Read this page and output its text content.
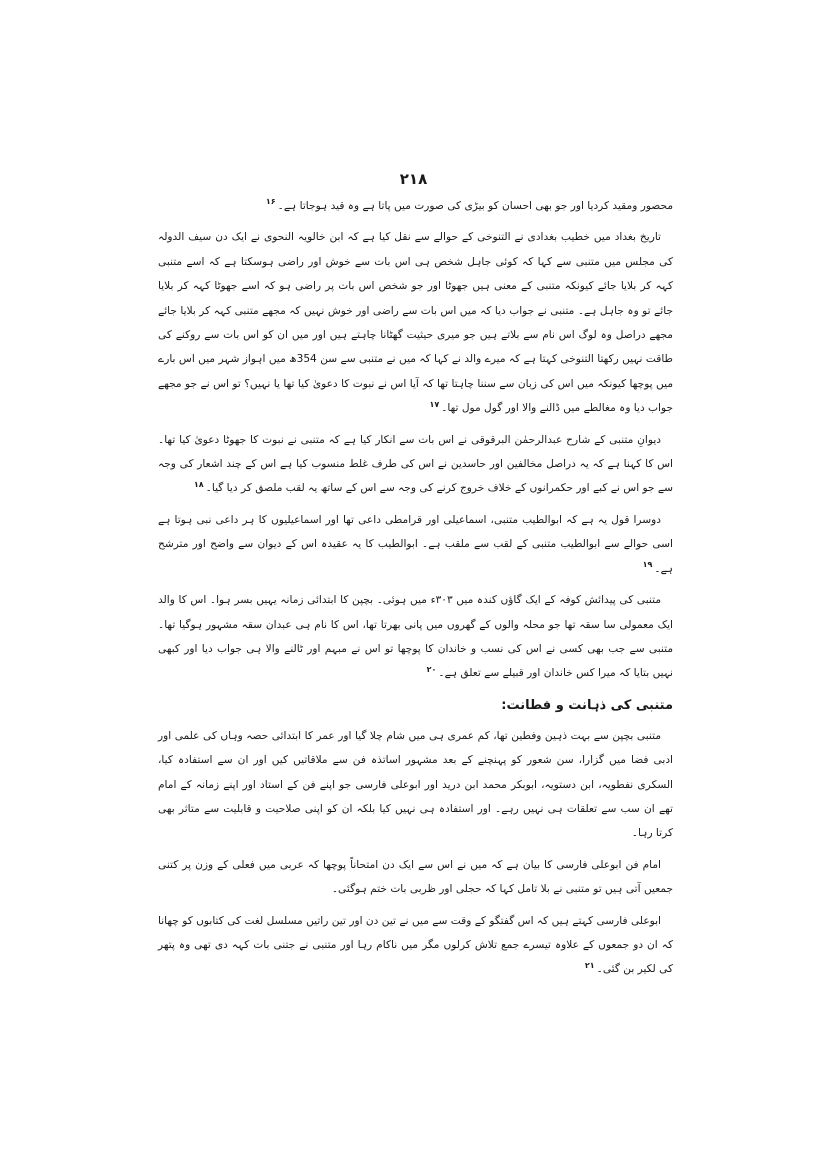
۲۱۸

محصور ومقید کردیا اور جو بھی احسان کو بیڑی کی صورت میں پاتا ہے وہ قید ہوجاتا ہے۔$^{۱۶}$

تاریخ بغداد میں خطیب بغدادی نے التنوخی کے حوالے سے نقل کیا ہے کہ ابن خالویہ النحوی نے ایک دن سیف الدولہ کی مجلس میں متنبی سے کہا کہ کوئی جاہل شخص ہی اس بات سے خوش اور راضی ہوسکتا ہے کہ اسے متنبی کہہ کر بلایا جائے کیونکہ متنبی کے معنی ہیں جھوٹا اور جو شخص اس بات پر راضی ہو کہ اسے جھوٹا کہہ کر بلایا جائے تو وہ جاہل ہے۔ متنبی نے جواب دیا کہ میں اس بات سے راضی اور خوش نہیں کہ مجھے متنبی کہہ کر بلایا جائے مجھے دراصل وہ لوگ اس نام سے بلاتے ہیں جو میری حیثیت گھٹانا چاہتے ہیں اور میں ان کو اس بات سے روکنے کی طاقت نہیں رکھتا التنوخی کہتا ہے کہ میرے والد نے کہا کہ میں نے متنبی سے سن 354ھ میں اہواز شہر میں اس بارے میں پوچھا کیونکہ میں اس کی زبان سے سننا چاہتا تھا کہ آیا اس نے نبوت کا دعویٰ کیا تھا یا نہیں؟ تو اس نے جو مجھے جواب دیا وہ مغالطے میں ڈالنے والا اور گول مول تھا۔$^{۱۷}$

دیوانِ متنبی کے شارح عبدالرحمٰن البرقوقی نے اس بات سے انکار کیا ہے کہ متنبی نے نبوت کا جھوٹا دعویٰ کیا تھا۔ اس کا کہنا ہے کہ یہ دراصل مخالفین اور حاسدین نے اس کی طرف غلط منسوب کیا ہے اس کے چند اشعار کی وجہ سے جو اس نے کبے اور حکمرانوں کے خلاف خروج کرنے کی وجہ سے اس کے ساتھ یہ لقب ملصق کر دیا گیا۔$^{۱۸}$

دوسرا قول یہ ہے کہ ابوالطیب متنبی، اسماعیلی اور قرامطی داعی تھا اور اسماعیلیوں کا ہر داعی نبی ہوتا ہے اسی حوالے سے ابوالطیب متنبی کے لقب سے ملقب ہے۔ ابوالطیب کا یہ عقیدہ اس کے دیوان سے واضح اور مترشح ہے۔$^{۱۹}$

متنبی کی پیدائش کوفہ کے ایک گاؤں کندہ میں ۳۰۳ء میں ہوئی۔ بچپن کا ابتدائی زمانہ یہیں بسر ہوا۔ اس کا والد ایک معمولی سا سقہ تھا جو محلہ والوں کے گھروں میں پانی بھرتا تھا، اس کا نام ہی عبدان سقہ مشہور ہوگیا تھا۔ متنبی سے جب بھی کسی نے اس کی نسب و خاندان کا پوچھا تو اس نے مبہم اور ٹالنے والا ہی جواب دیا اور کبھی نہیں بتایا کہ میرا کس خاندان اور قبیلے سے تعلق ہے۔$^{۲۰}$

متنبی کی ذہانت و فطانت:

متنبی بچپن سے بہت ذہین وفطین تھا، کم عمری ہی میں شام چلا گیا اور عمر کا ابتدائی حصہ وہاں کی علمی اور ادبی فضا میں گزارا، سن شعور کو پہنچنے کے بعد مشہور اساتذہ فن سے ملاقاتیں کیں اور ان سے استفادہ کیا، السکری نفطویہ، ابن دستویہ، ابوبکر محمد ابن درید اور ابوعلی فارسی جو اپنے فن کے استاد اور اپنے زمانہ کے امام تھے ان سب سے تعلقات ہی نہیں رہے۔ اور استفادہ ہی نہیں کیا بلکہ ان کو اپنی صلاحیت و قابلیت سے متاثر بھی کرتا رہا۔

امام فن ابوعلی فارسی کا بیان ہے کہ میں نے اس سے ایک دن امتحاناً پوچھا کہ عربی میں فعلی کے وزن پر کتنی جمعیں آتی ہیں تو متنبی نے بلا تامل کہا کہ حجلی اور ظربی بات ختم ہوگئی۔

ابوعلی فارسی کہتے ہیں کہ اس گفتگو کے وقت سے میں نے تین دن اور تین راتیں مسلسل لغت کی کتابوں کو چھانا کہ ان دو جمعوں کے علاوہ تیسرے جمع تلاش کرلوں مگر میں ناکام رہا اور متنبی نے جتنی بات کہہ دی تھی وہ پتھر کی لکیر بن گئی۔$^{۲۱}$
